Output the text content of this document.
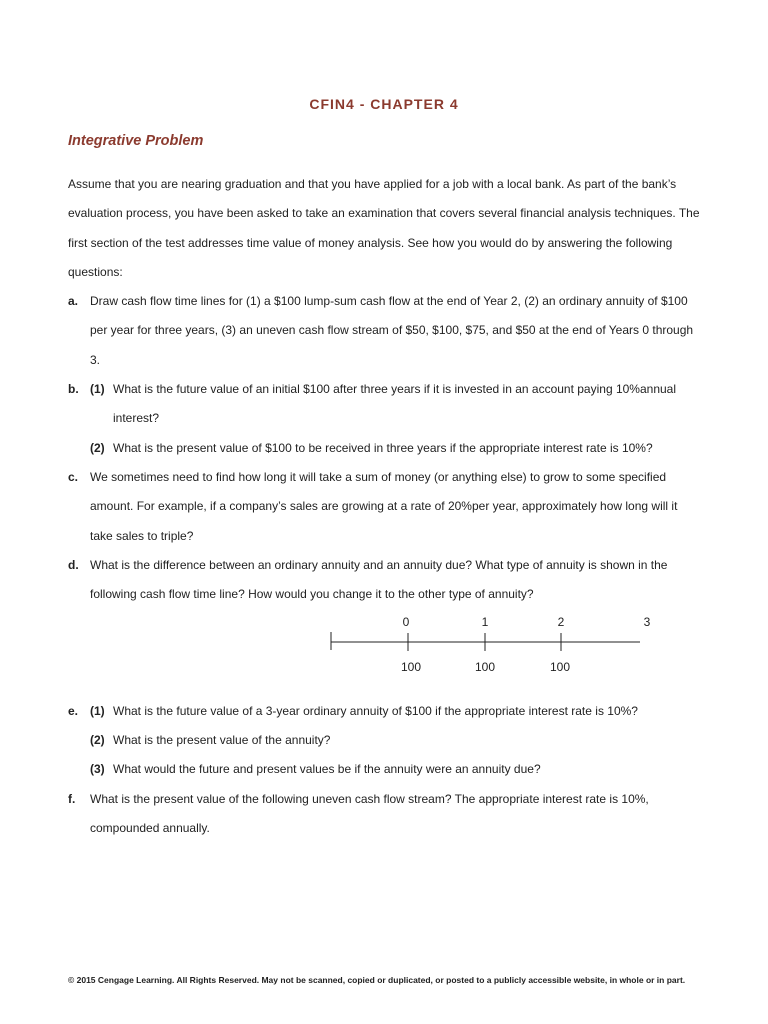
CFIN4 - CHAPTER 4
Integrative Problem
Assume that you are nearing graduation and that you have applied for a job with a local bank. As part of the bank’s evaluation process, you have been asked to take an examination that covers several financial analysis techniques. The first section of the test addresses time value of money analysis. See how you would do by answering the following questions:
a. Draw cash flow time lines for (1) a $100 lump-sum cash flow at the end of Year 2, (2) an ordinary annuity of $100 per year for three years, (3) an uneven cash flow stream of $50, $100, $75, and $50 at the end of Years 0 through 3.
b. (1) What is the future value of an initial $100 after three years if it is invested in an account paying 10%annual interest?
(2) What is the present value of $100 to be received in three years if the appropriate interest rate is 10%?
c. We sometimes need to find how long it will take a sum of money (or anything else) to grow to some specified amount. For example, if a company’s sales are growing at a rate of 20%per year, approximately how long will it take sales to triple?
d. What is the difference between an ordinary annuity and an annuity due? What type of annuity is shown in the following cash flow time line? How would you change it to the other type of annuity?
0	1	2	3
100	100	100
e. (1) What is the future value of a 3-year ordinary annuity of $100 if the appropriate interest rate is 10%?
(2) What is the present value of the annuity?
(3) What would the future and present values be if the annuity were an annuity due?
f. What is the present value of the following uneven cash flow stream? The appropriate interest rate is 10%, compounded annually.
© 2015 Cengage Learning. All Rights Reserved. May not be scanned, copied or duplicated, or posted to a publicly accessible website, in whole or in part.
